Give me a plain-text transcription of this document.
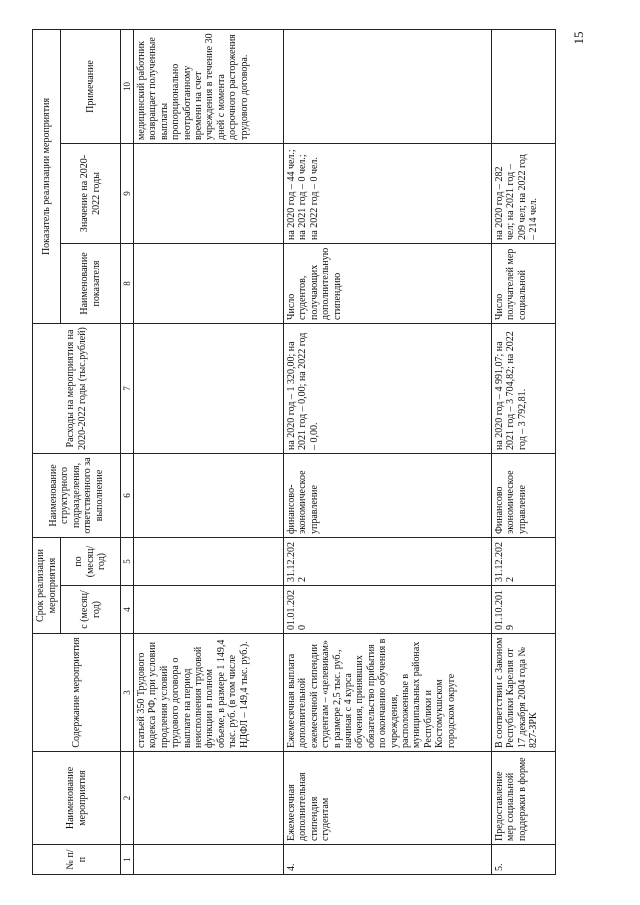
15
№ п/п	Наименование мероприятия	Содержание мероприятия	Срок реализации мероприятия		Наименование структурного подразделения, ответственного за выполнение	Расходы на мероприятия на 2020-2022 годы (тыс.рублей)	Показатель реализации мероприятия		
			с (месяц/ год)	по (месяц/ год)			Наименование показателя	Значение на 2020-2022 годы	Примечание
1	2	3	4	5	6	7	8	9	10
		статьей 350 Трудового кодекса РФ, при условии продления условий трудового договора о выплате на период неисполнения трудовой функции в полном объеме, в размере 1 149,4 тыс. руб. (в том числе НДФЛ – 149,4 тыс. руб.).							медицинский работник возвращает полученные выплаты пропорционально неотработанному времени на счет учреждения в течение 30 дней с момента досрочного расторжения трудового договора.
4.	Ежемесячная дополнительная стипендия студентам	Ежемесячная выплата дополнительной ежемесячной стипендии студентам – «целевикам» в размере 2,5 тыс. руб., начиная с 4 курса обучения, принявших обязательство прибытия по окончанию обучения в учреждения, расположенные в муниципальных районах Республики и Костомукшском городском округе	01.01.2020	31.12.2022	финансово-экономическое управление	на 2020 год – 1 320,00; на 2021 год – 0,00; на 2022 год – 0,00.	Число студентов, получающих дополнительную стипендию	на 2020 год – 44 чел.; на 2021 год – 0 чел.; на 2022 год – 0 чел.	
5.	Предоставление мер социальной поддержки в форме	В соответствии с Законом Республики Карелия от 17 декабря 2004 года № 827-ЗРК	01.10.2019	31.12.2022	Финансово экономическое управление	на 2020 год – 4 991,07; на 2021 год – 3 704,82; на 2022 год – 3 792,81.	Число получателей мер социальной	на 2020 год – 282 чел; на 2021 год – 209 чел; на 2022 год – 214 чел.	
